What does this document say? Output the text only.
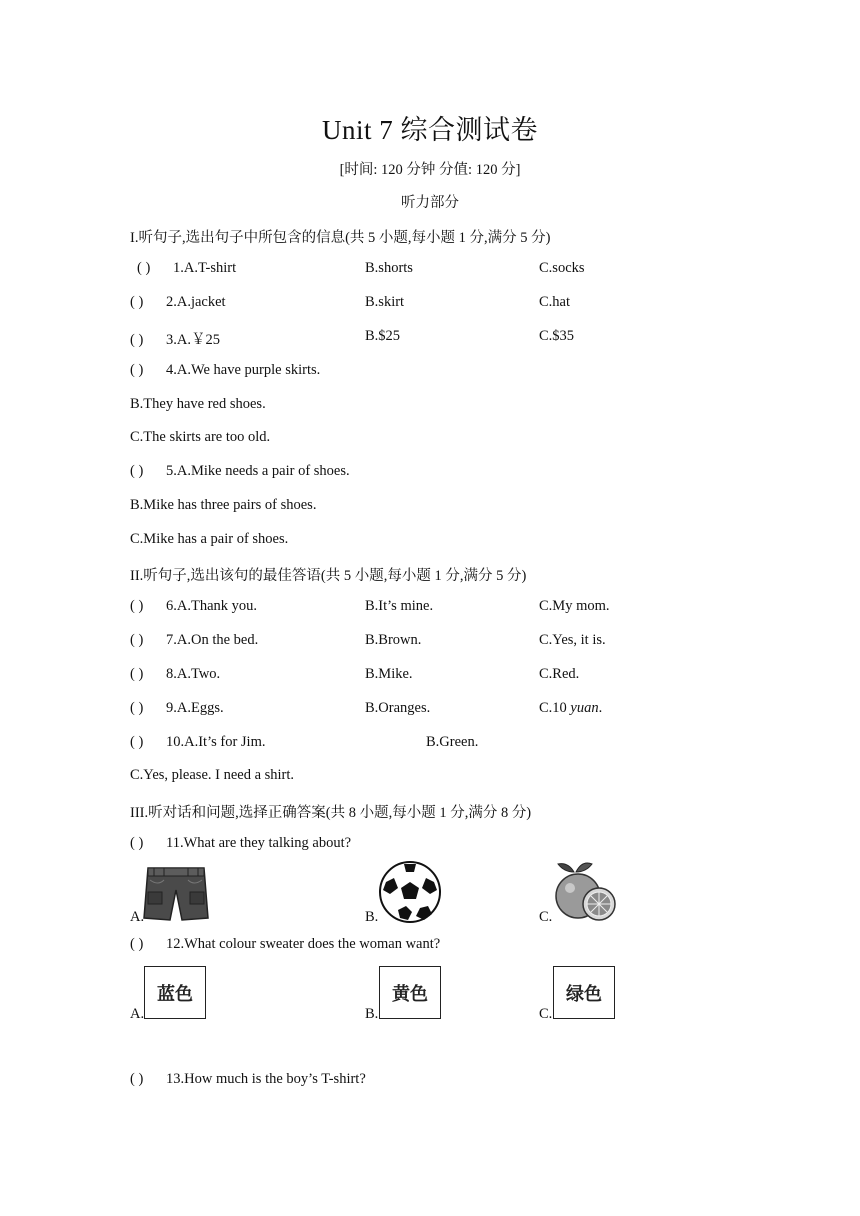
Unit 7 综合测试卷
[时间: 120 分钟 分值: 120 分]
听力部分
I.听句子,选出句子中所包含的信息(共 5 小题,每小题 1 分,满分 5 分)
( ) 1.A.T-shirt	B.shorts	C.socks
( ) 2.A.jacket	B.skirt	C.hat
( ) 3.A.￥25	B.$25	C.$35
( ) 4.A.We have purple skirts.
B.They have red shoes.
C.The skirts are too old.
( ) 5.A.Mike needs a pair of shoes.
B.Mike has three pairs of shoes.
C.Mike has a pair of shoes.
II.听句子,选出该句的最佳答语(共 5 小题,每小题 1 分,满分 5 分)
( ) 6.A.Thank you.	B.It’s mine.	C.My mom.
( ) 7.A.On the bed.	B.Brown.	C.Yes, it is.
( ) 8.A.Two.	B.Mike.	C.Red.
( ) 9.A.Eggs.	B.Oranges.	C.10 yuan.
( ) 10.A.It’s for Jim.	B.Green.
C.Yes, please. I need a shirt.
III.听对话和问题,选择正确答案(共 8 小题,每小题 1 分,满分 8 分)
( ) 11.What are they talking about?
A.	B.	C.
( ) 12.What colour sweater does the woman want?
A.
蓝色
B.
黄色
C.
绿色
( ) 13.How much is the boy’s T-shirt?
